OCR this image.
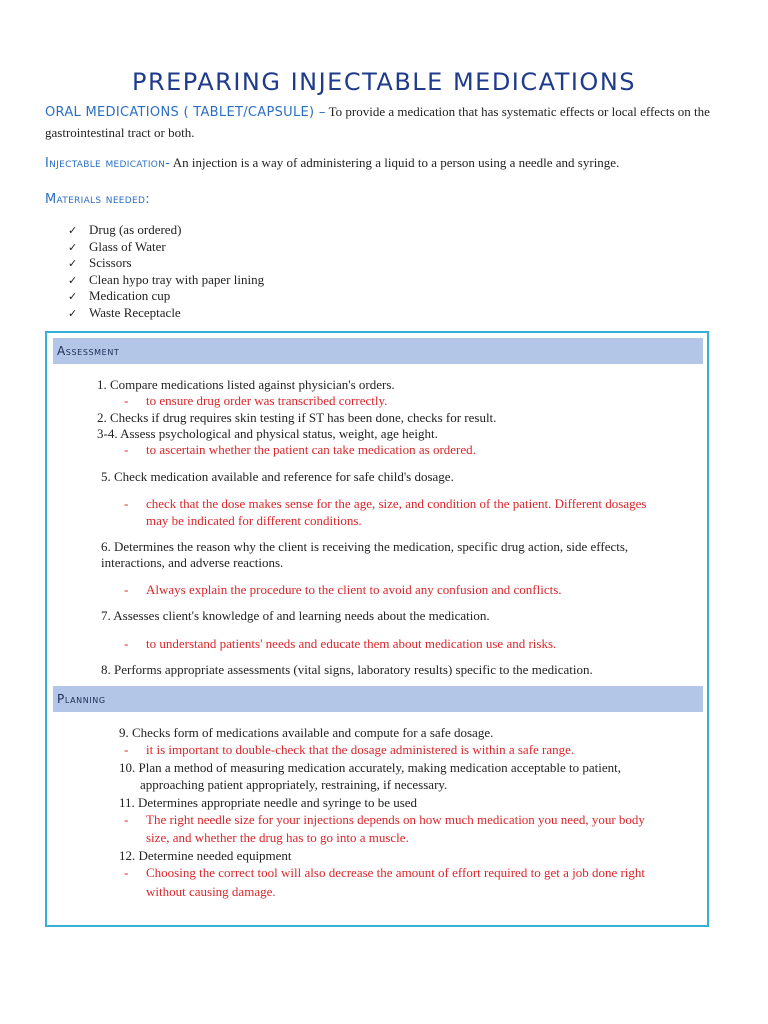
PREPARING INJECTABLE MEDICATIONS
ORAL MEDICATIONS ( TABLET/CAPSULE) – To provide a medication that has systematic effects or local effects on the
gastrointestinal tract or both.
Injectable medication- An injection is a way of administering a liquid to a person using a needle and syringe.
Materials needed:
✓ Drug (as ordered)
✓ Glass of Water
✓ Scissors
✓ Clean hypo tray with paper lining
✓ Medication cup
✓ Waste Receptacle
Assessment
1. Compare medications listed against physician's orders.
- to ensure drug order was transcribed correctly.
2. Checks if drug requires skin testing if ST has been done, checks for result.
3-4. Assess psychological and physical status, weight, age height.
- to ascertain whether the patient can take medication as ordered.
5. Check medication available and reference for safe child's dosage.
- check that the dose makes sense for the age, size, and condition of the patient. Different dosages
may be indicated for different conditions.
6. Determines the reason why the client is receiving the medication, specific drug action, side effects,
interactions, and adverse reactions.
- Always explain the procedure to the client to avoid any confusion and conflicts.
7. Assesses client's knowledge of and learning needs about the medication.
- to understand patients' needs and educate them about medication use and risks.
8. Performs appropriate assessments (vital signs, laboratory results) specific to the medication.
Planning
9. Checks form of medications available and compute for a safe dosage.
- it is important to double-check that the dosage administered is within a safe range.
10. Plan a method of measuring medication accurately, making medication acceptable to patient,
approaching patient appropriately, restraining, if necessary.
11. Determines appropriate needle and syringe to be used
- The right needle size for your injections depends on how much medication you need, your body
size, and whether the drug has to go into a muscle.
12. Determine needed equipment
- Choosing the correct tool will also decrease the amount of effort required to get a job done right
without causing damage.
